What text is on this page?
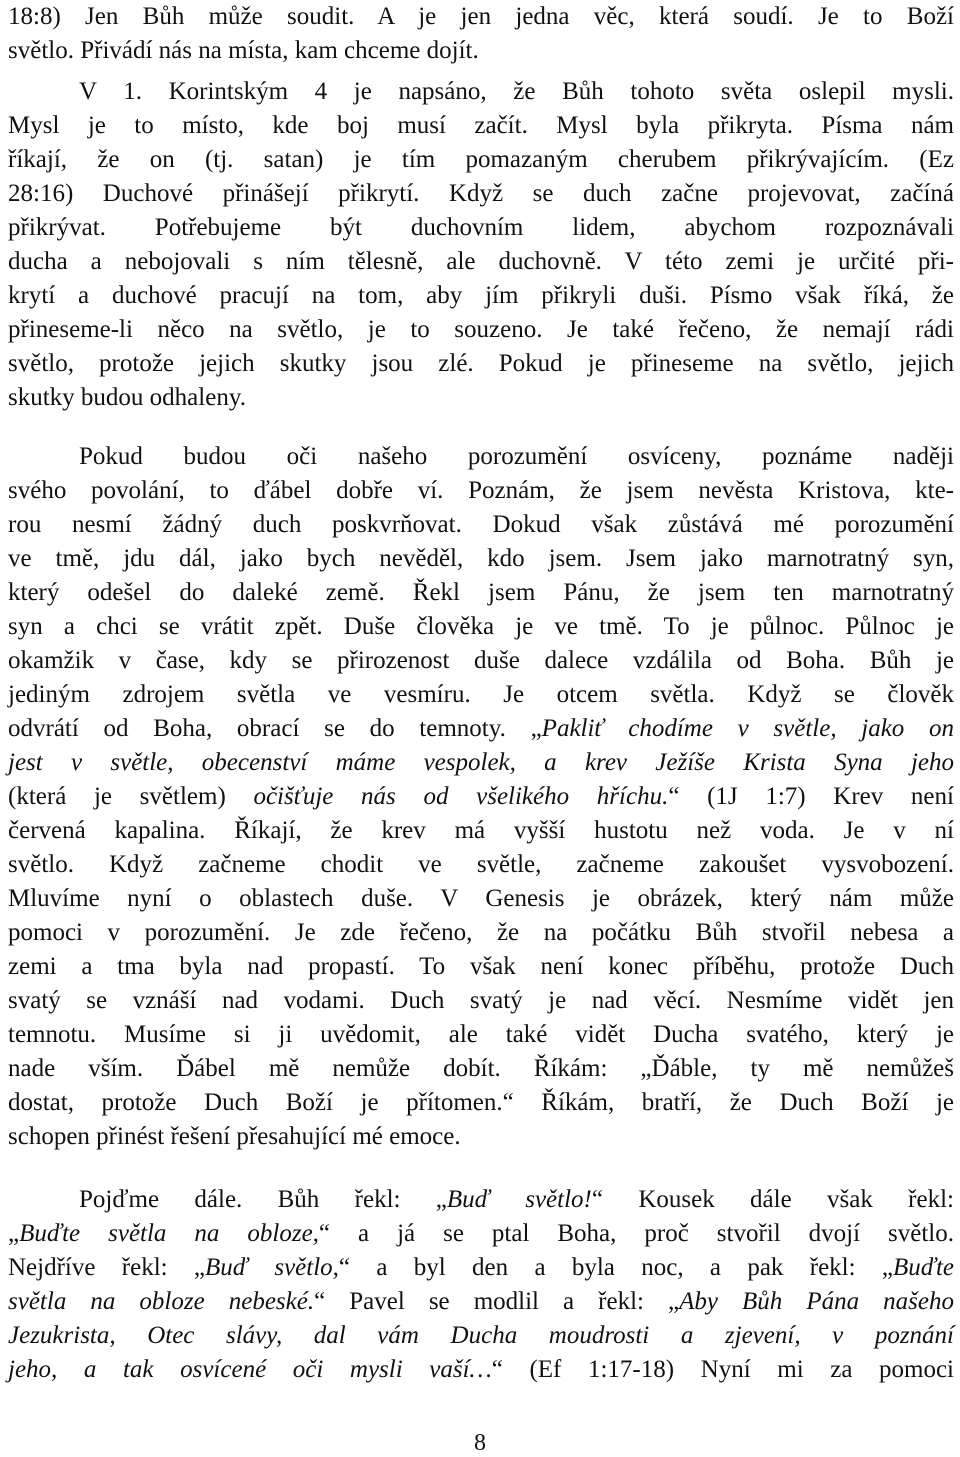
18:8) Jen Bůh může soudit. A je jen jedna věc, která soudí. Je to Boží
světlo. Přivádí nás na místa, kam chceme dojít.
V 1. Korintským 4 je napsáno, že Bůh tohoto světa oslepil mysli.
Mysl je to místo, kde boj musí začít. Mysl byla přikryta. Písma nám
říkají, že on (tj. satan) je tím pomazaným cherubem přikrývajícím. (Ez
28:16) Duchové přinášejí přikrytí. Když se duch začne projevovat, začíná
přikrývat. Potřebujeme být duchovním lidem, abychom rozpoznávali
ducha a nebojovali s ním tělesně, ale duchovně. V této zemi je určité při-
krytí a duchové pracují na tom, aby jím přikryli duši. Písmo však říká, že
přineseme-li něco na světlo, je to souzeno. Je také řečeno, že nemají rádi
světlo, protože jejich skutky jsou zlé. Pokud je přineseme na světlo, jejich
skutky budou odhaleny.
Pokud budou oči našeho porozumění osvíceny, poznáme naději
svého povolání, to ďábel dobře ví. Poznám, že jsem nevěsta Kristova, kte-
rou nesmí žádný duch poskvrňovat. Dokud však zůstává mé porozumění
ve tmě, jdu dál, jako bych nevěděl, kdo jsem. Jsem jako marnotratný syn,
který odešel do daleké země. Řekl jsem Pánu, že jsem ten marnotratný
syn a chci se vrátit zpět. Duše člověka je ve tmě. To je půlnoc. Půlnoc je
okamžik v čase, kdy se přirozenost duše dalece vzdálila od Boha. Bůh je
jediným zdrojem světla ve vesmíru. Je otcem světla. Když se člověk
odvrátí od Boha, obrací se do temnoty. „Pakliť chodíme v světle, jako on
jest v světle, obecenství máme vespolek, a krev Ježíše Krista Syna jeho
(která je světlem) očišťuje nás od všelikého hříchu.“ (1J 1:7) Krev není
červená kapalina. Říkají, že krev má vyšší hustotu než voda. Je v ní
světlo. Když začneme chodit ve světle, začneme zakoušet vysvobození.
Mluvíme nyní o oblastech duše. V Genesis je obrázek, který nám může
pomoci v porozumění. Je zde řečeno, že na počátku Bůh stvořil nebesa a
zemi a tma byla nad propastí. To však není konec příběhu, protože Duch
svatý se vznáší nad vodami. Duch svatý je nad věcí. Nesmíme vidět jen
temnotu. Musíme si ji uvědomit, ale také vidět Ducha svatého, který je
nade vším. Ďábel mě nemůže dobít. Říkám: „Ďáble, ty mě nemůžeš
dostat, protože Duch Boží je přítomen.“ Říkám, bratří, že Duch Boží je
schopen přinést řešení přesahující mé emoce.
Pojďme dále. Bůh řekl: „Buď světlo!“ Kousek dále však řekl:
„Buďte světla na obloze,“ a já se ptal Boha, proč stvořil dvojí světlo.
Nejdříve řekl: „Buď světlo,“ a byl den a byla noc, a pak řekl: „Buďte
světla na obloze nebeské.“ Pavel se modlil a řekl: „Aby Bůh Pána našeho
Jezukrista, Otec slávy, dal vám Ducha moudrosti a zjevení, v poznání
jeho, a tak osvícené oči mysli vaší…“ (Ef 1:17-18) Nyní mi za pomoci
8
